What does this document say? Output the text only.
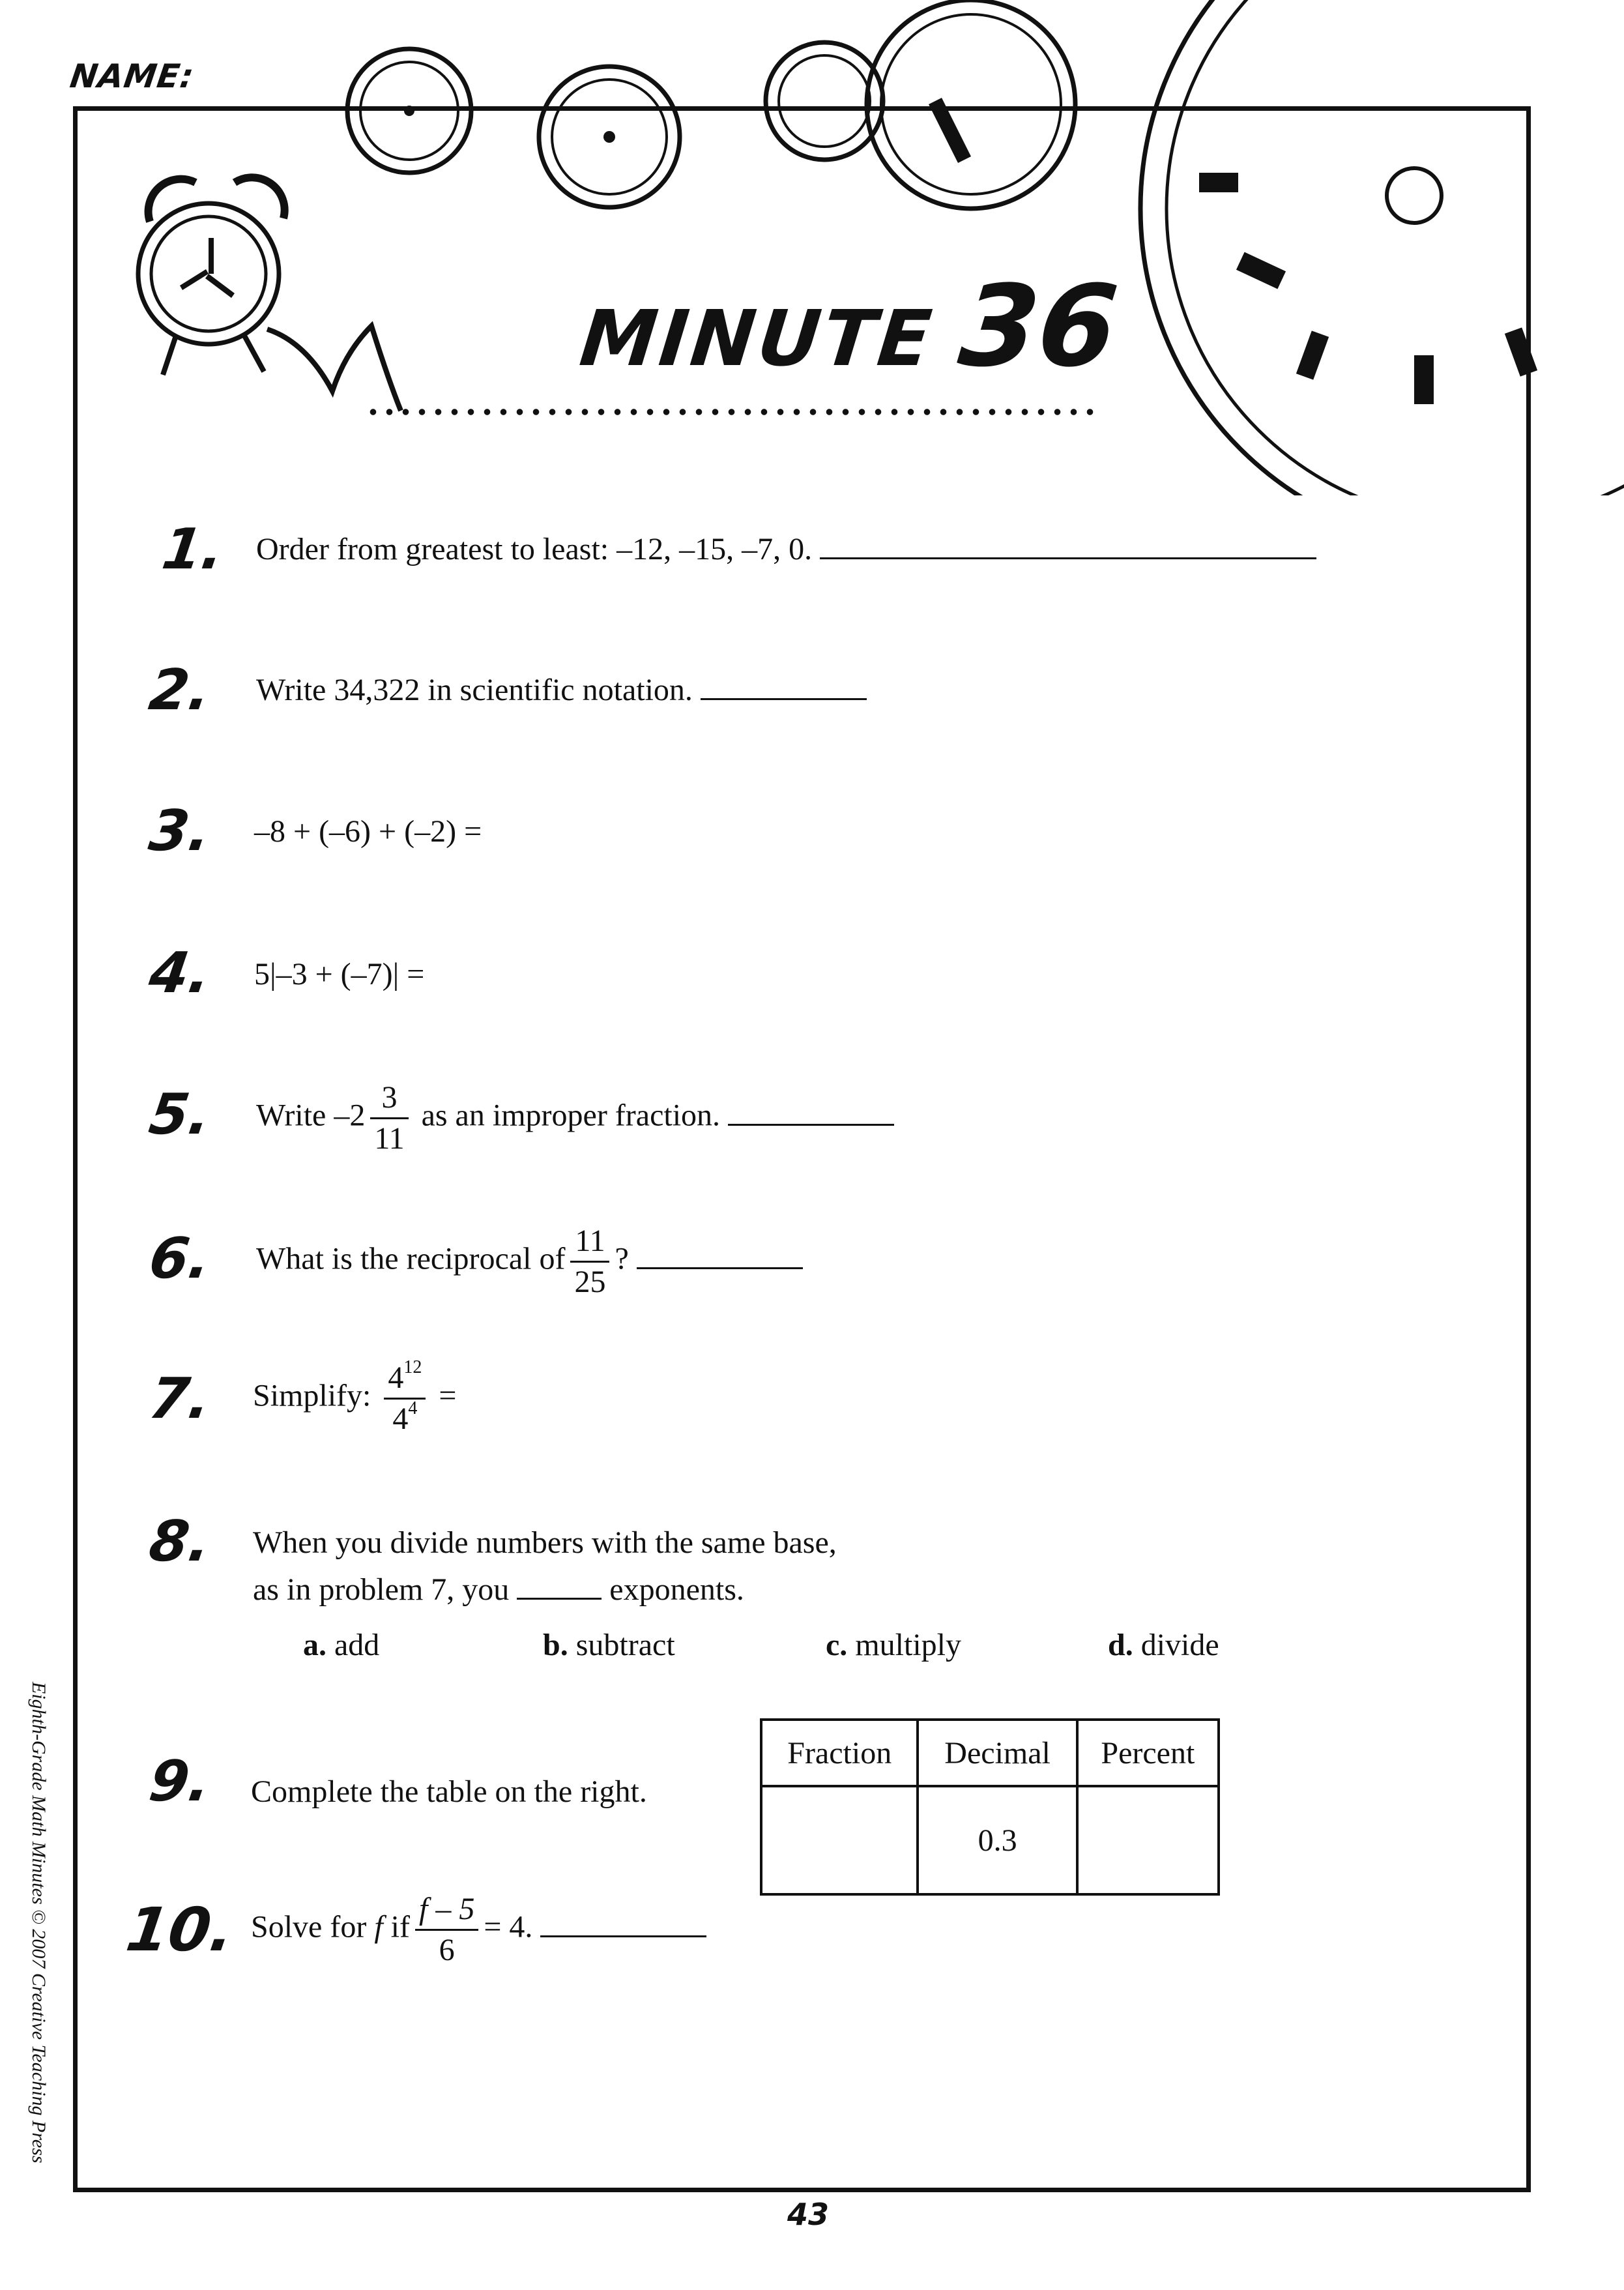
NAME:
MINUTE 36
1. Order from greatest to least: –12, –15, –7, 0.
2.	Write 34,322 in scientific notation.
3.	–8 + (–6) + (–2) =
4.	5|–3 + (–7)| =
5.	Write $-2 \frac{3}{11}$ as an improper fraction.
6.	What is the reciprocal of $\frac{11}{25}$ ?
7.	Simplify: $\frac{4^{12}}{4^4}$ =
8.	When you divide numbers with the same base,
as in problem 7, you	exponents.
a. add	b. subtract	c. multiply	d. divide
9.	Complete the table on the right.
Fraction	Decimal	Percent
	0.3	
10. Solve for f if $\frac{f - 5}{6} = 4$.
Eighth-Grade Math Minutes © 2007 Creative Teaching Press
43
